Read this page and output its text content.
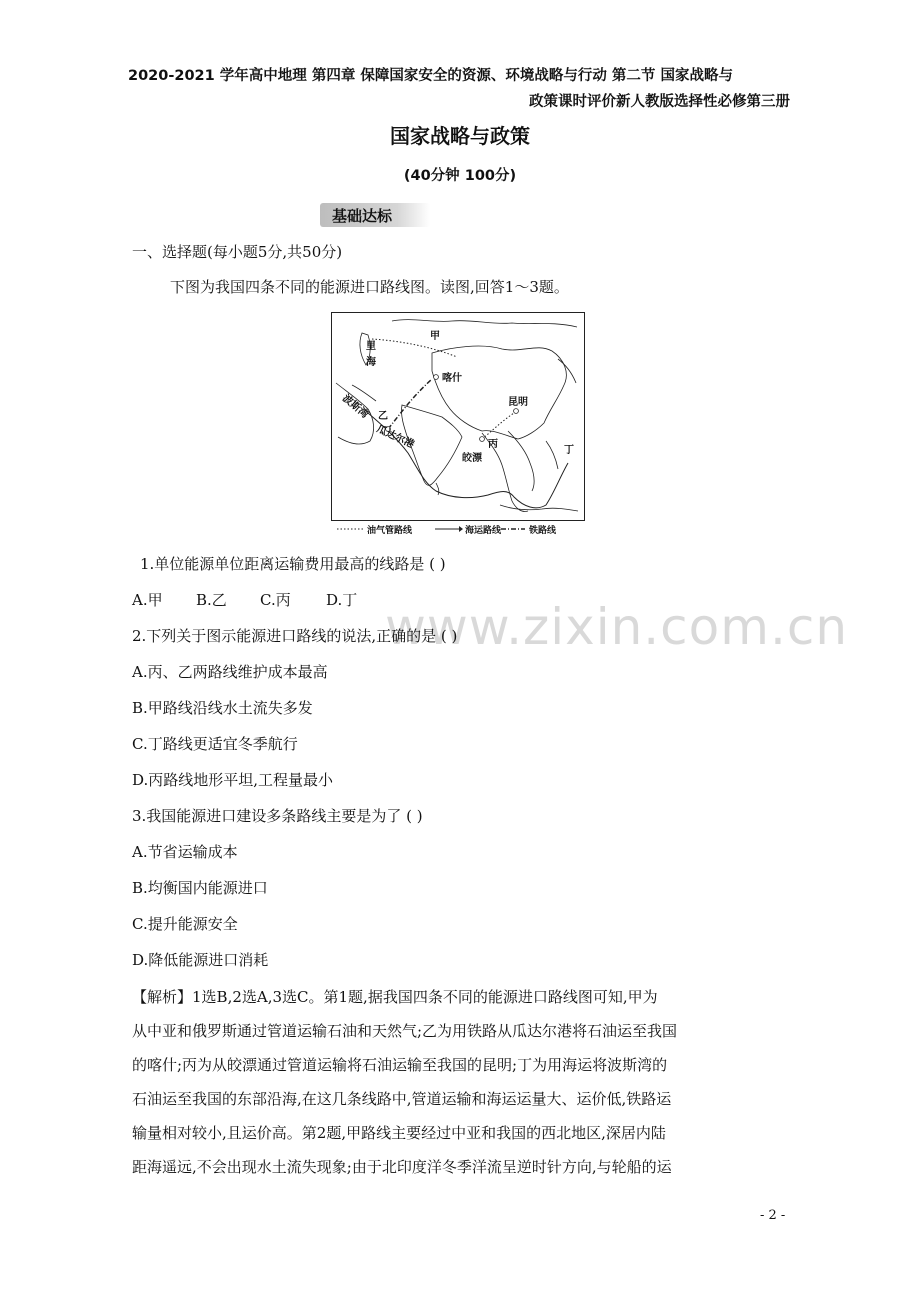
www.zixin.com.cn
2020-2021 学年高中地理 第四章 保障国家安全的资源、环境战略与行动 第二节 国家战略与
政策课时评价新人教版选择性必修第三册
国家战略与政策
(40分钟 100分)
基础达标
一、选择题(每小题5分,共50分)
下图为我国四条不同的能源进口路线图。读图,回答1～3题。
甲
里
海
喀什
乙
昆明
丙
皎漂
丁
波斯湾
瓜达尔港
油气管路线	海运路线	铁路线
1.单位能源单位距离运输费用最高的线路是 ( )
A.甲 B.乙 C.丙 D.丁
2.下列关于图示能源进口路线的说法,正确的是 ( )
A.丙、乙两路线维护成本最高
B.甲路线沿线水土流失多发
C.丁路线更适宜冬季航行
D.丙路线地形平坦,工程量最小
3.我国能源进口建设多条路线主要是为了 ( )
A.节省运输成本
B.均衡国内能源进口
C.提升能源安全
D.降低能源进口消耗
【解析】1选B,2选A,3选C。第1题,据我国四条不同的能源进口路线图可知,甲为
从中亚和俄罗斯通过管道运输石油和天然气;乙为用铁路从瓜达尔港将石油运至我国
的喀什;丙为从皎漂通过管道运输将石油运输至我国的昆明;丁为用海运将波斯湾的
石油运至我国的东部沿海,在这几条线路中,管道运输和海运运量大、运价低,铁路运
输量相对较小,且运价高。第2题,甲路线主要经过中亚和我国的西北地区,深居内陆
距海遥远,不会出现水土流失现象;由于北印度洋冬季洋流呈逆时针方向,与轮船的运
- 2 -
